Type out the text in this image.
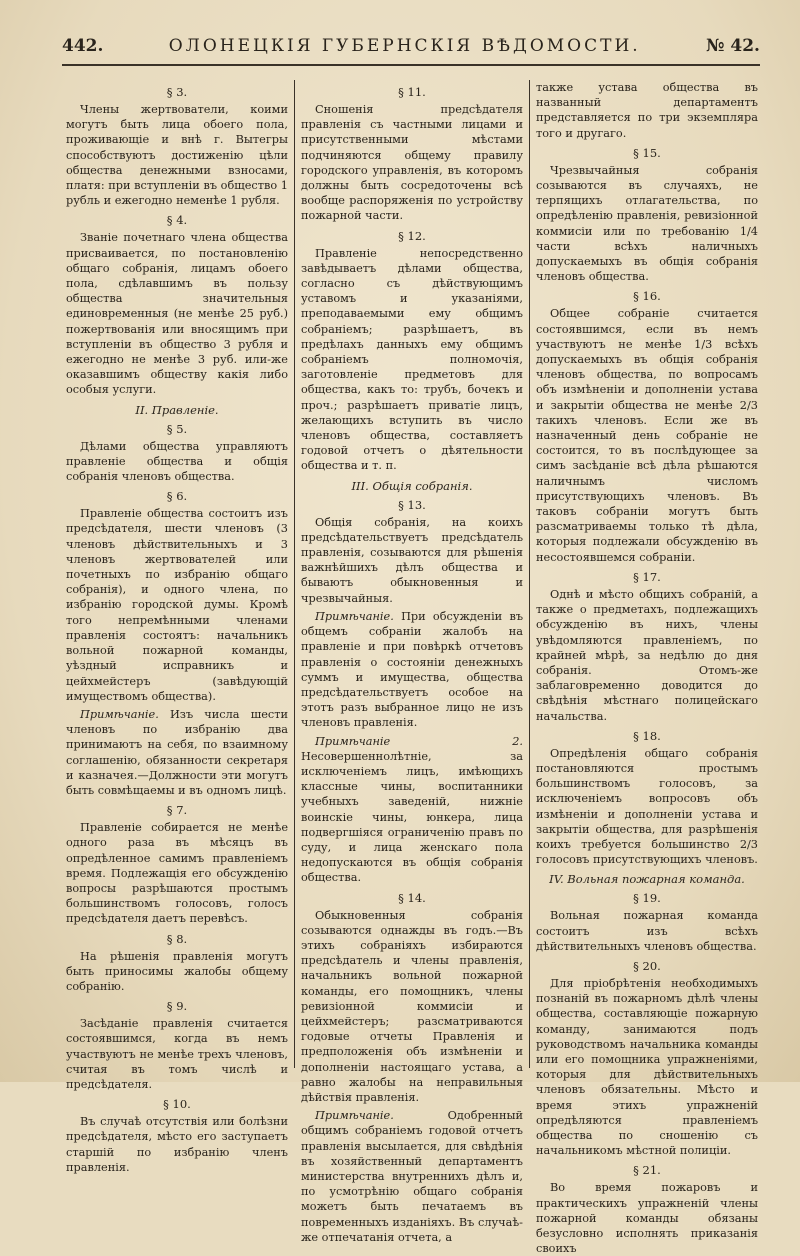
442.	ОЛОНЕЦКІЯ ГУБЕРНСКІЯ ВѢДОМОСТИ.	№ 42.
§ 3.

Члены жертвователи, коими могутъ быть лица обоего пола, проживающіе и внѣ г. Вытегры способствуютъ достиженію цѣли общества денежными взносами, платя: при вступленіи въ общество 1 рубль и ежегодно неменѣе 1 рубля.

§ 4.

Званіе почетнаго члена общества присваивается, по постановленію общаго собранія, лицамъ обоего пола, сдѣлавшимъ въ пользу общества значительныя единовременныя (не менѣе 25 руб.) пожертвованія или вносящимъ при вступленіи въ общество 3 рубля и ежегодно не менѣе 3 руб. или-же оказавшимъ обществу какія либо особыя услуги.

II. Правленіе.
§ 5.

Дѣлами общества управляютъ правленіе общества и общія собранія членовъ общества.

§ 6.

Правленіе общества состоитъ изъ предсѣдателя, шести членовъ (3 членовъ дѣйствительныхъ и 3 членовъ жертвователей или почетныхъ по избранію общаго собранія), и одного члена, по избранію городской думы. Кромѣ того непремѣнными членами правленія состоятъ: начальникъ вольной пожарной команды, уѣздный исправникъ и цейхмейстеръ (завѣдующій имуществомъ общества).

Примѣчаніе. Изъ числа шести членовъ по избранію два принимаютъ на себя, по взаимному соглашенію, обязанности секретаря и казначея.—Должности эти могутъ быть совмѣщаемы и въ одномъ лицѣ.

§ 7.

Правленіе собирается не менѣе одного раза въ мѣсяцъ въ опредѣленное самимъ правленіемъ время. Подлежащія его обсужденію вопросы разрѣшаются простымъ большинствомъ голосовъ, голосъ предсѣдателя даетъ перевѣсъ.

§ 8.

На рѣшенія правленія могутъ быть приносимы жалобы общему собранію.

§ 9.

Засѣданіе правленія считается состоявшимся, когда въ немъ участвуютъ не менѣе трехъ членовъ, считая въ томъ числѣ и предсѣдателя.

§ 10.

Въ случаѣ отсутствія или болѣзни предсѣдателя, мѣсто его заступаетъ старшій по избранію членъ правленія.

§ 11.

Сношенія предсѣдателя правленія съ частными лицами и присутственными мѣстами подчиняются общему правилу городского управленія, въ которомъ должны быть сосредоточены всѣ вообще распоряженія по устройству пожарной части.

§ 12.

Правленіе непосредственно завѣдываетъ дѣлами общества, согласно съ дѣйствующимъ уставомъ и указаніями, преподаваемыми ему общимъ собраніемъ; разрѣшаетъ, въ предѣлахъ данныхъ ему общимъ собраніемъ полномочія, заготовленіе предметовъ для общества, какъ то: трубъ, бочекъ и проч.; разрѣшаетъ приватіе лицъ, желающихъ вступить въ число членовъ общества, составляетъ годовой отчетъ о дѣятельности общества и т. п.

III. Общія собранія.
§ 13.

Общія собранія, на коихъ предсѣдательствуетъ предсѣдатель правленія, созываются для рѣшенія важнѣйшихъ дѣлъ общества и бываютъ обыкновенныя и чрезвычайныя.

Примѣчаніе. При обсужденіи въ общемъ собраніи жалобъ на правленіе и при повѣркѣ отчетовъ правленія о состояніи денежныхъ суммъ и имущества, общества предсѣдательствуетъ особое на этотъ разъ выбранное лицо не изъ членовъ правленія.

Примѣчаніе 2. Несовершеннолѣтніе, за исключеніемъ лицъ, имѣющихъ классные чины, воспитанники учебныхъ заведеній, нижніе воинскіе чины, юнкера, лица подвергшіяся ограниченію правъ по суду, и лица женскаго пола недопускаются въ общія собранія общества.

§ 14.

Обыкновенныя собранія созываются однажды въ годъ.—Въ этихъ собраніяхъ избираются предсѣдатель и члены правленія, начальникъ вольной пожарной команды, его помощникъ, члены ревизіонной коммисіи и цейхмейстеръ; разсматриваются годовые отчеты Правленія и предположенія объ измѣненіи и дополненіи настоящаго устава, а равно жалобы на неправильныя дѣйствія правленія.

Примѣчаніе.	Одобренный общимъ собраніемъ годовой отчетъ правленія высылается, для свѣдѣнія въ хозяйственный департаментъ министерства внутреннихъ дѣлъ и, по усмотрѣнію общаго собранія можетъ быть печатаемъ въ повременныхъ изданіяхъ. Въ случаѣ-же отпечатанія отчета, а

также устава общества въ названный департаментъ представляется по три экземпляра того и другаго.

§ 15.

Чрезвычайныя собранія созываются въ случаяхъ, не терпящихъ отлагательства, по опредѣленію правленія, ревизіонной коммисіи или по требованію 1/4 части всѣхъ наличныхъ допускаемыхъ въ общія собранія членовъ общества.

§ 16.

Общее собраніе считается состоявшимся, если въ немъ участвуютъ не менѣе 1/3 всѣхъ допускаемыхъ въ общія собранія членовъ общества, по вопросамъ объ измѣненіи и дополненіи устава и закрытіи общества не менѣе 2/3 такихъ членовъ. Если же въ назначенный день собраніе не состоится, то въ послѣдующее за симъ засѣданіе всѣ дѣла рѣшаются наличнымъ числомъ присутствующихъ членовъ. Въ таковъ собраніи могутъ быть разсматриваемы только тѣ дѣла, которыя подлежали обсужденію въ несостоявшемся собраніи.

§ 17.

Однѣ и мѣсто общихъ собраній, а также о предметахъ, подлежащихъ обсужденію въ нихъ, члены увѣдомляются правленіемъ, по крайней мѣрѣ, за недѣлю до дня собранія. Отомъ-же заблаговременно доводится до свѣдѣнія мѣстнаго полицейскаго начальства.

§ 18.

Опредѣленія общаго собранія постановляются простымъ большинствомъ голосовъ, за исключеніемъ вопросовъ объ измѣненіи и дополненіи устава и закрытіи общества, для разрѣшенія коихъ требуется большинство 2/3 голосовъ присутствующихъ членовъ.

IV. Вольная пожарная команда.
§ 19.

Вольная пожарная команда состоитъ изъ всѣхъ дѣйствительныхъ членовъ общества.

§ 20.

Для пріобрѣтенія необходимыхъ познаній въ пожарномъ дѣлѣ члены общества, составляющіе пожарную команду, занимаются подъ руководствомъ начальника команды или его помощника упражненіями, которыя для дѣйствительныхъ членовъ обязательны. Мѣсто и время этихъ упражненій опредѣляются правленіемъ общества по сношенію съ начальникомъ мѣстной полиціи.

§ 21.

Во время пожаровъ и практическихъ упражненій члены пожарной команды обязаны безусловно исполнять приказанія своихъ
